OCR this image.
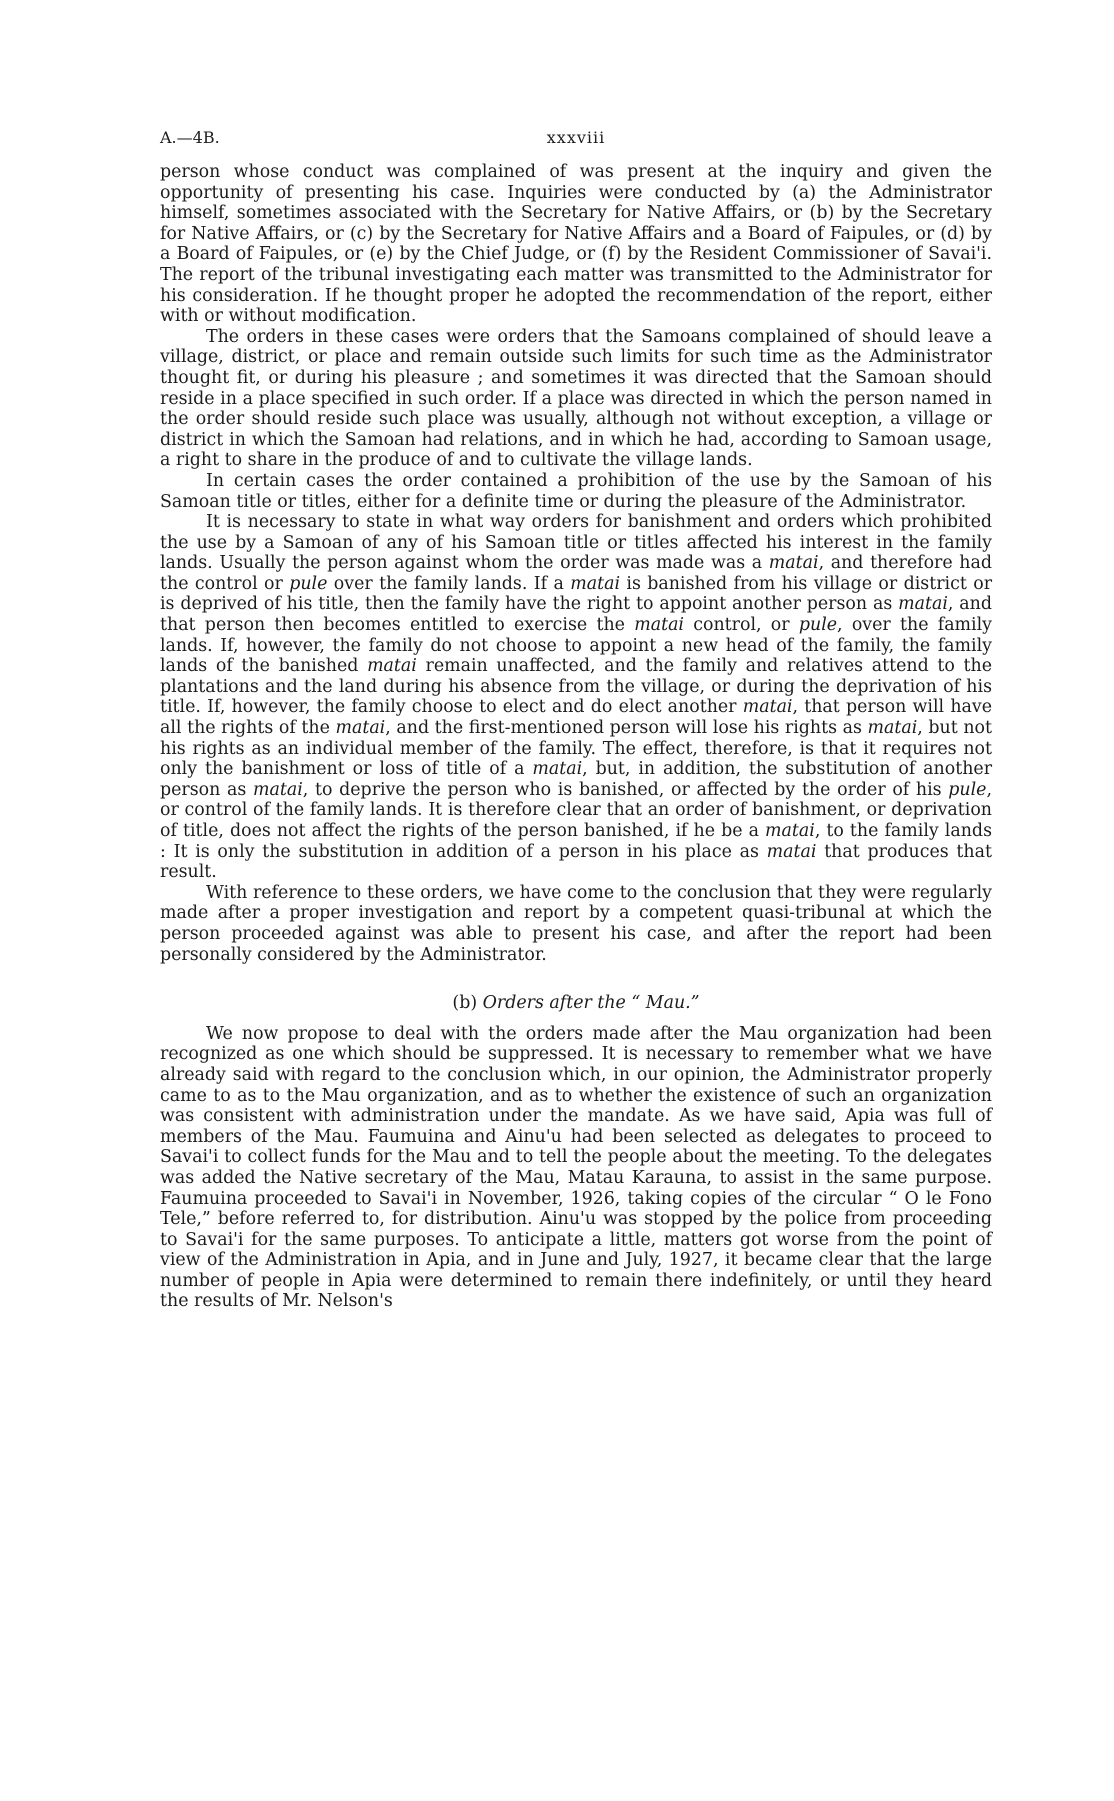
A.—4B.	xxxviii

person whose conduct was complained of was present at the inquiry and given the opportunity of presenting his case. Inquiries were conducted by (a) the Administrator himself, sometimes associated with the Secretary for Native Affairs, or (b) by the Secretary for Native Affairs, or (c) by the Secretary for Native Affairs and a Board of Faipules, or (d) by a Board of Faipules, or (e) by the Chief Judge, or (f) by the Resident Commissioner of Savai'i. The report of the tribunal investigating each matter was transmitted to the Administrator for his consideration. If he thought proper he adopted the recommendation of the report, either with or without modification.

The orders in these cases were orders that the Samoans complained of should leave a village, district, or place and remain outside such limits for such time as the Administrator thought fit, or during his pleasure ; and sometimes it was directed that the Samoan should reside in a place specified in such order. If a place was directed in which the person named in the order should reside such place was usually, although not without exception, a village or district in which the Samoan had relations, and in which he had, according to Samoan usage, a right to share in the produce of and to cultivate the village lands.

In certain cases the order contained a prohibition of the use by the Samoan of his Samoan title or titles, either for a definite time or during the pleasure of the Administrator.

It is necessary to state in what way orders for banishment and orders which prohibited the use by a Samoan of any of his Samoan title or titles affected his interest in the family lands. Usually the person against whom the order was made was a matai, and therefore had the control or pule over the family lands. If a matai is banished from his village or district or is deprived of his title, then the family have the right to appoint another person as matai, and that person then becomes entitled to exercise the matai control, or pule, over the family lands. If, however, the family do not choose to appoint a new head of the family, the family lands of the banished matai remain unaffected, and the family and relatives attend to the plantations and the land during his absence from the village, or during the deprivation of his title. If, however, the family choose to elect and do elect another matai, that person will have all the rights of the matai, and the first-mentioned person will lose his rights as matai, but not his rights as an individual member of the family. The effect, therefore, is that it requires not only the banishment or loss of title of a matai, but, in addition, the substitution of another person as matai, to deprive the person who is banished, or affected by the order of his pule, or control of the family lands. It is therefore clear that an order of banishment, or deprivation of title, does not affect the rights of the person banished, if he be a matai, to the family lands : It is only the substitution in addition of a person in his place as matai that produces that result.

With reference to these orders, we have come to the conclusion that they were regularly made after a proper investigation and report by a competent quasi-tribunal at which the person proceeded against was able to present his case, and after the report had been personally considered by the Administrator.

(b) Orders after the “ Mau.”

We now propose to deal with the orders made after the Mau organization had been recognized as one which should be suppressed. It is necessary to remember what we have already said with regard to the conclusion which, in our opinion, the Administrator properly came to as to the Mau organization, and as to whether the existence of such an organization was consistent with administration under the mandate. As we have said, Apia was full of members of the Mau. Faumuina and Ainu'u had been selected as delegates to proceed to Savai'i to collect funds for the Mau and to tell the people about the meeting. To the delegates was added the Native secretary of the Mau, Matau Karauna, to assist in the same purpose. Faumuina proceeded to Savai'i in November, 1926, taking copies of the circular “ O le Fono Tele,” before referred to, for distribution. Ainu'u was stopped by the police from proceeding to Savai'i for the same purposes. To anticipate a little, matters got worse from the point of view of the Administration in Apia, and in June and July, 1927, it became clear that the large number of people in Apia were determined to remain there indefinitely, or until they heard the results of Mr. Nelson's
